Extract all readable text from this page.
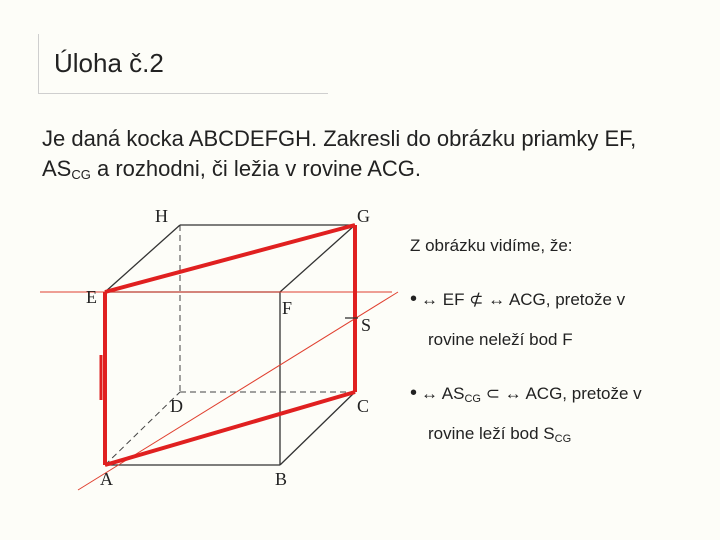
Úloha č.2
Je daná kocka ABCDEFGH. Zakresli do obrázku priamky EF,
$AS_{CG}$ a rozhodni, či ležia v rovine ACG.
H	G
E
F
S
D	C
A	B
Z obrázku vidíme, že:
• ↔ EF ⊄ ↔ ACG, pretože v
rovine neleží bod F
• ↔ $AS_{CG}$ ⊂ ↔ ACG, pretože v
rovine leží bod $S_{CG}$
